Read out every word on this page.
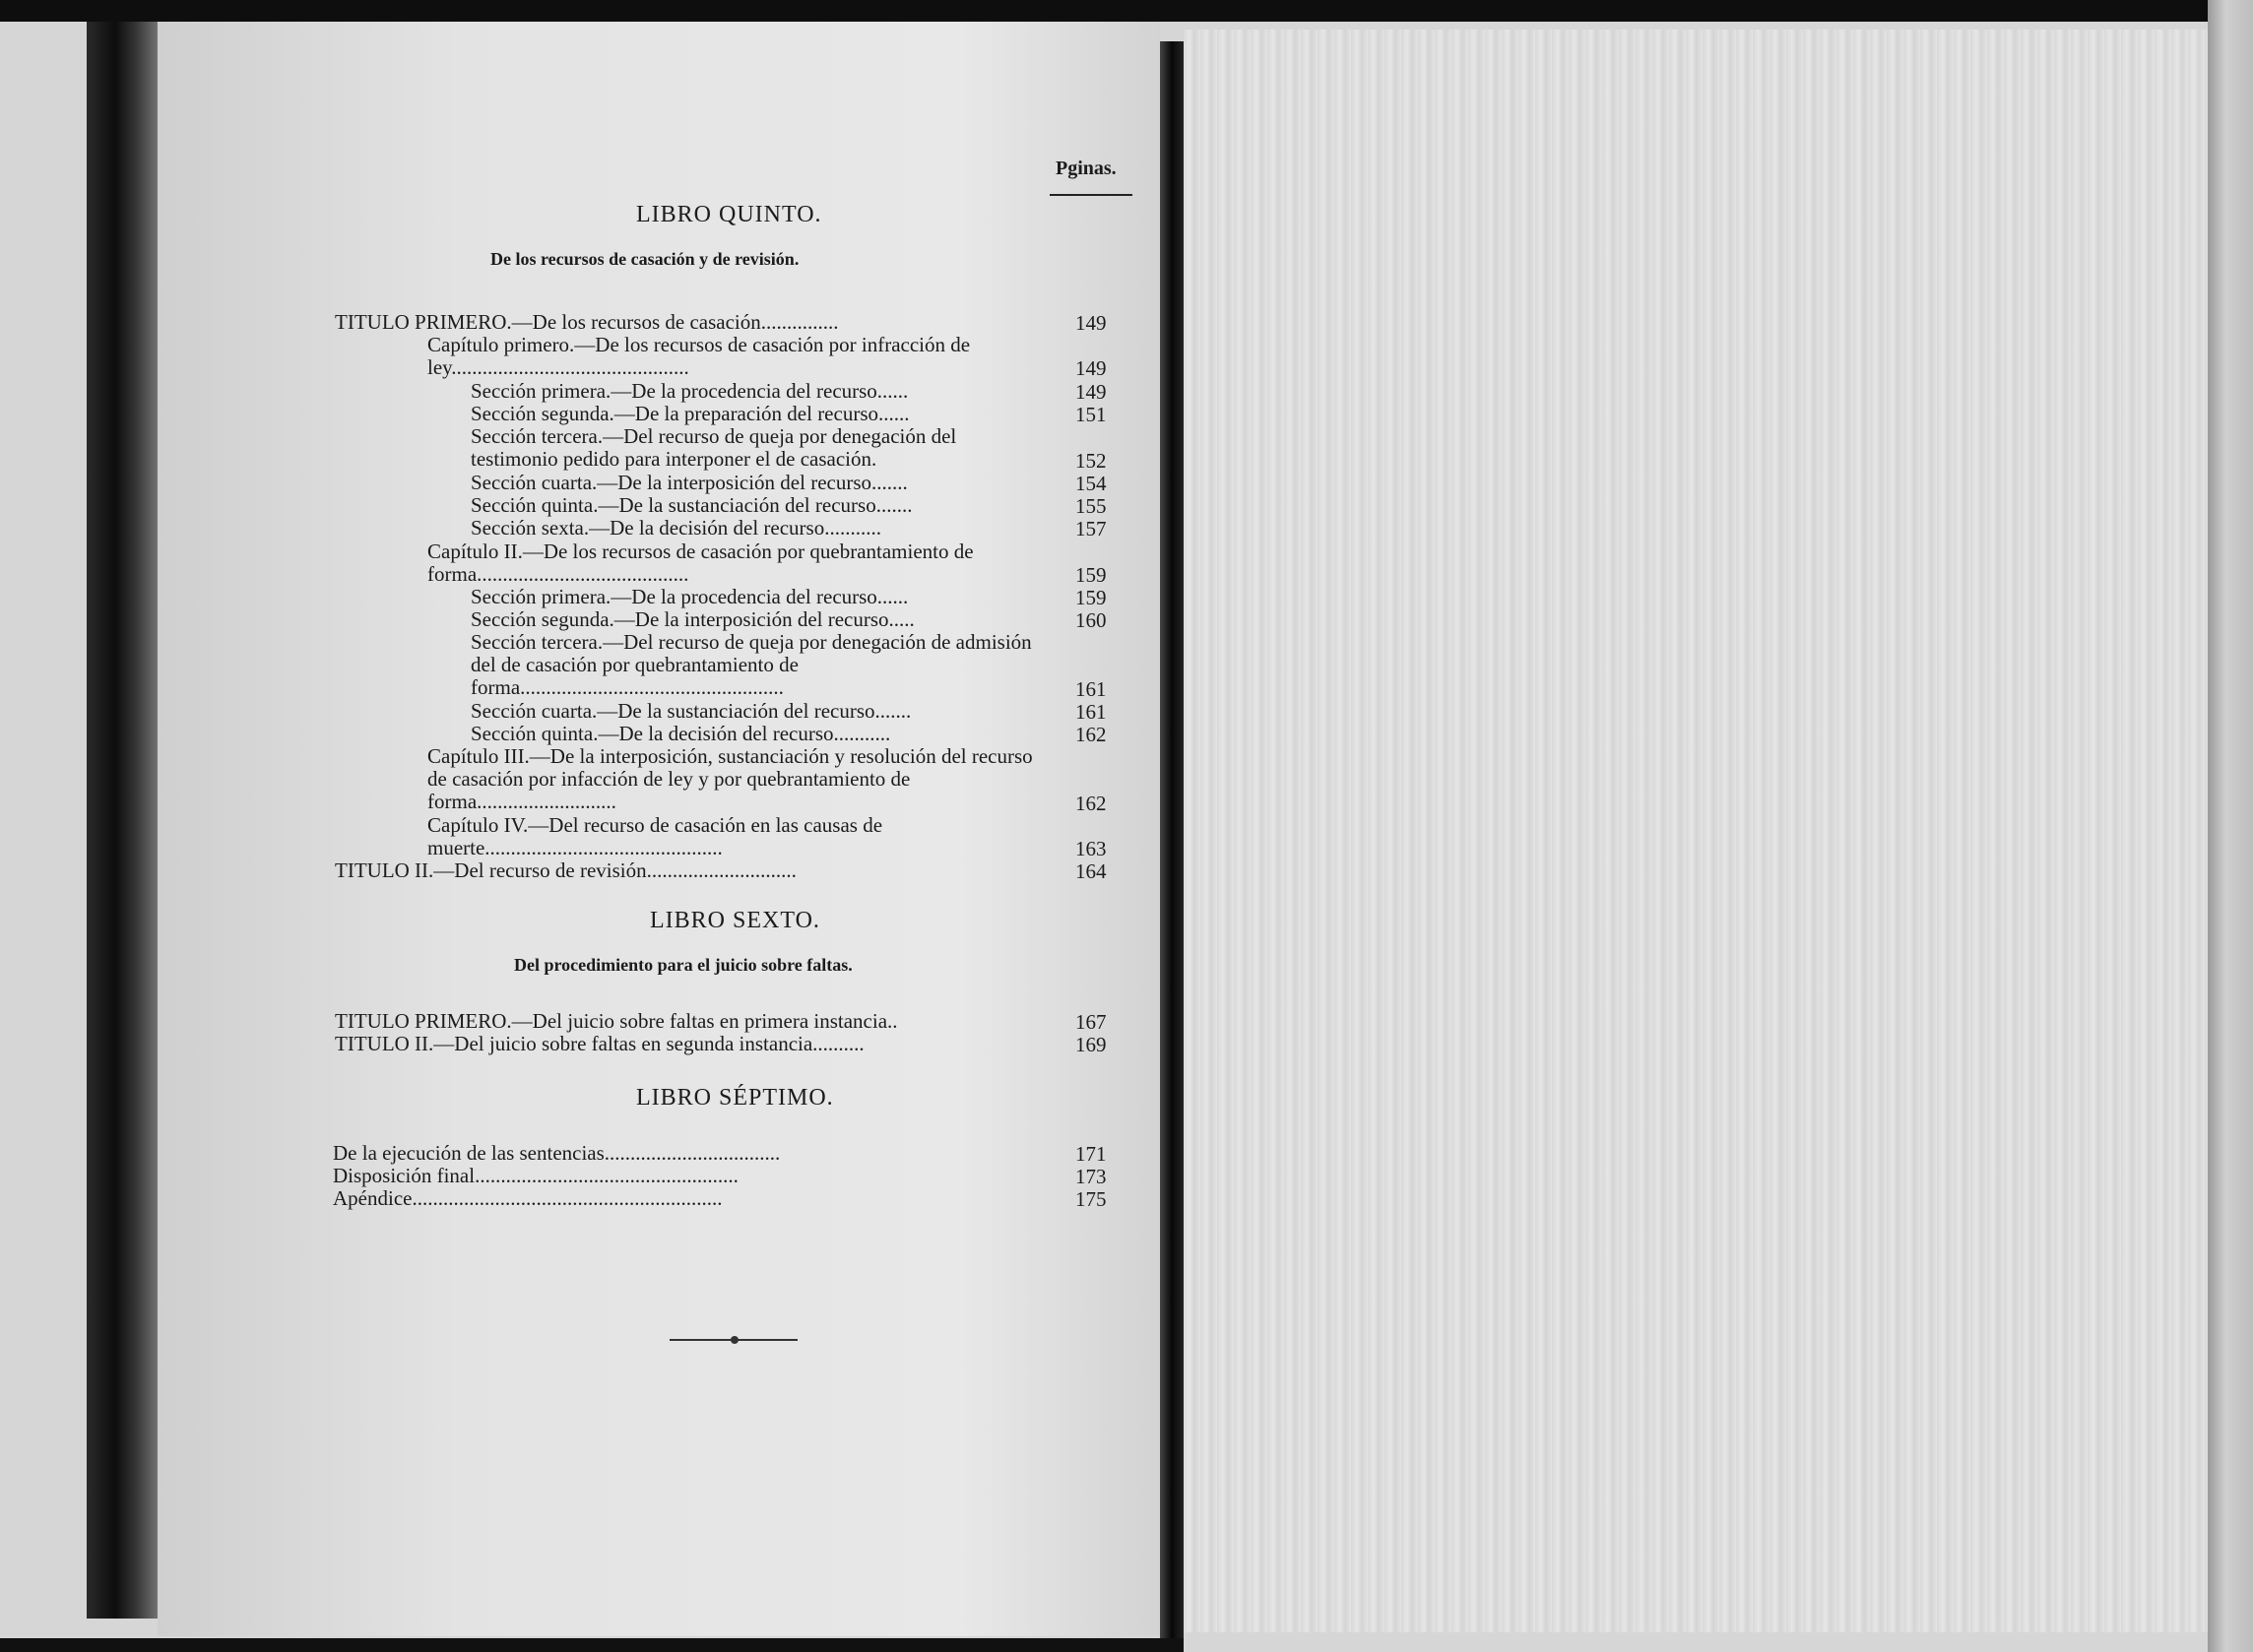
Pginas.
LIBRO QUINTO.
De los recursos de casación y de revisión.
TITULO PRIMERO.—De los recursos de casación...............	149
Capítulo primero.—De los recursos de casación por infracción de ley..............................................	149
Sección primera.—De la procedencia del recurso......	149
Sección segunda.—De la preparación del recurso......	151
Sección tercera.—Del recurso de queja por denegación del testimonio pedido para interponer el de casación.	152
Sección cuarta.—De la interposición del recurso.......	154
Sección quinta.—De la sustanciación del recurso.......	155
Sección sexta.—De la decisión del recurso...........	157
Capítulo II.—De los recursos de casación por quebrantamiento de forma.........................................	159
Sección primera.—De la procedencia del recurso......	159
Sección segunda.—De la interposición del recurso.....	160
Sección tercera.—Del recurso de queja por denegación de admisión del de casación por quebrantamiento de forma...................................................	161
Sección cuarta.—De la sustanciación del recurso.......	161
Sección quinta.—De la decisión del recurso...........	162
Capítulo III.—De la interposición, sustanciación y resolución del recurso de casación por infacción de ley y por quebrantamiento de forma...........................	162
Capítulo IV.—Del recurso de casación en las causas de muerte..............................................	163
TITULO II.—Del recurso de revisión.............................	164
LIBRO SEXTO.
Del procedimiento para el juicio sobre faltas.
TITULO PRIMERO.—Del juicio sobre faltas en primera instancia..	167
TITULO II.—Del juicio sobre faltas en segunda instancia..........	169
LIBRO SÉPTIMO.
De la ejecución de las sentencias..................................	171
Disposición final...................................................	173
Apéndice............................................................	175
